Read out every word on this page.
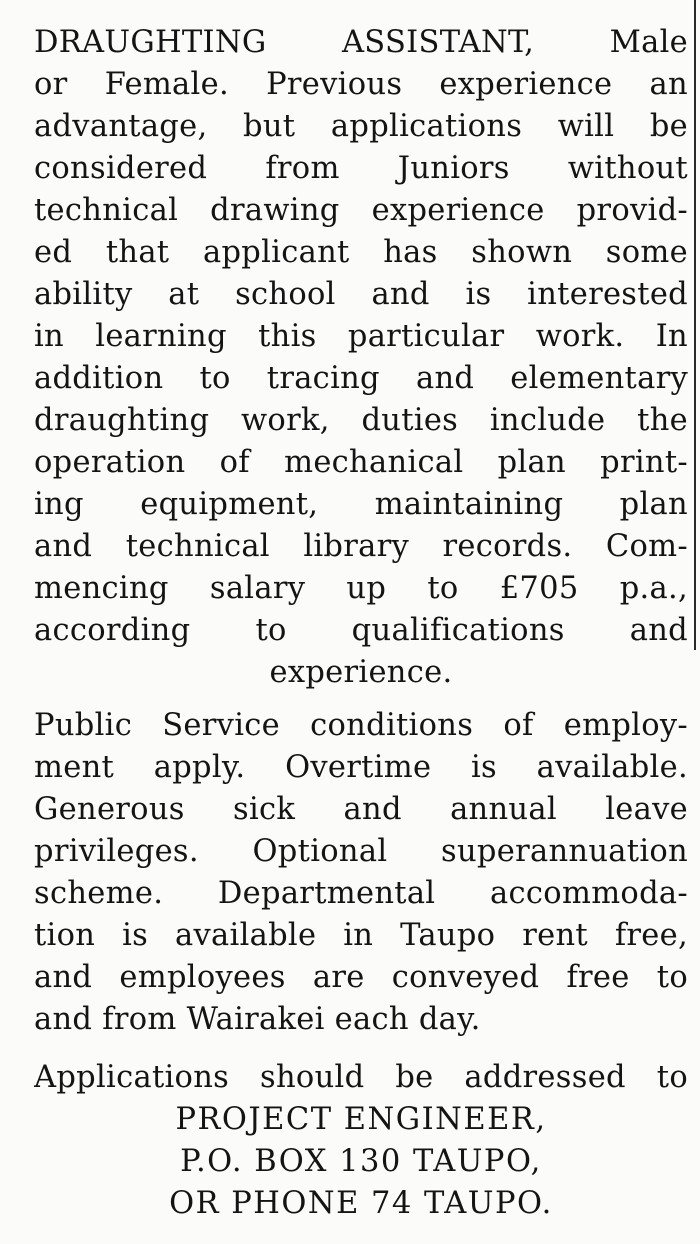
DRAUGHTING ASSISTANT, Male
or Female. Previous experience an
advantage, but applications will be
considered from Juniors without
technical drawing experience provid-
ed that applicant has shown some
ability at school and is interested
in learning this particular work. In
addition to tracing and elementary
draughting work, duties include the
operation of mechanical plan print-
ing equipment, maintaining plan
and technical library records. Com-
mencing salary up to £705 p.a.,
according to qualifications and
experience.
Public Service conditions of employ-
ment apply. Overtime is available.
Generous sick and annual leave
privileges. Optional superannuation
scheme. Departmental accommoda-
tion is available in Taupo rent free,
and employees are conveyed free to
and from Wairakei each day.
Applications should be addressed to
PROJECT ENGINEER,
P.O. BOX 130 TAUPO,
OR PHONE 74 TAUPO.
